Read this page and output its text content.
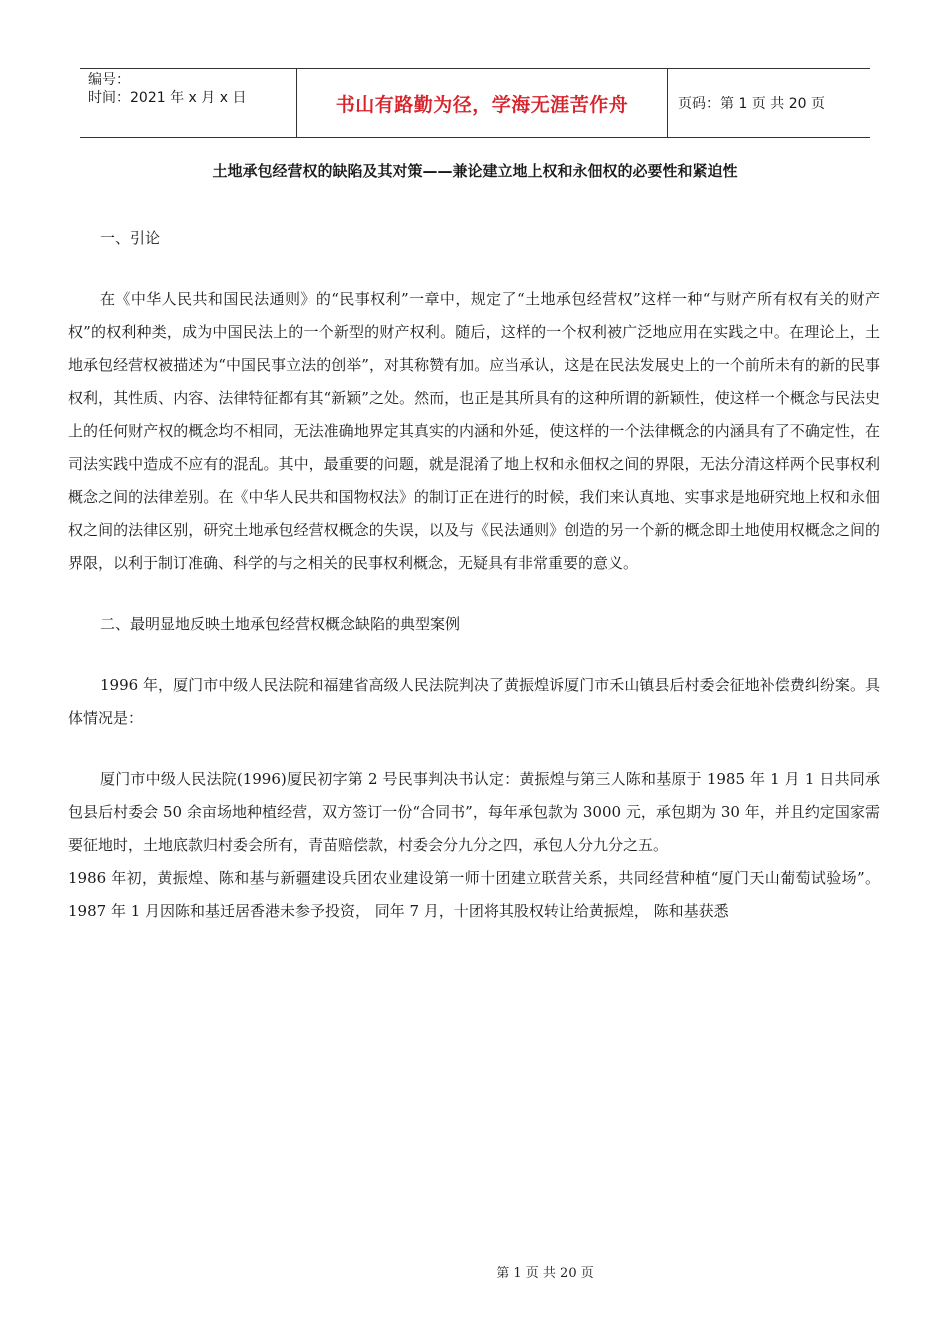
编号：
时间：2021 年 x 月 x 日	书山有路勤为径，学海无涯苦作舟	页码：第 1 页 共 20 页
土地承包经营权的缺陷及其对策——兼论建立地上权和永佃权的必要性和紧迫性

一、引论

在《中华人民共和国民法通则》的“民事权利”一章中，规定了“土地承包经营权”这样一种“与财产所有权有关的财产权”的权利种类，成为中国民法上的一个新型的财产权利。随后，这样的一个权利被广泛地应用在实践之中。在理论上，土地承包经营权被描述为“中国民事立法的创举”，对其称赞有加。应当承认，这是在民法发展史上的一个前所未有的新的民事权利，其性质、内容、法律特征都有其“新颖”之处。然而，也正是其所具有的这种所谓的新颖性，使这样一个概念与民法史上的任何财产权的概念均不相同，无法准确地界定其真实的内涵和外延，使这样的一个法律概念的内涵具有了不确定性，在司法实践中造成不应有的混乱。其中，最重要的问题，就是混淆了地上权和永佃权之间的界限，无法分清这样两个民事权利概念之间的法律差别。在《中华人民共和国物权法》的制订正在进行的时候，我们来认真地、实事求是地研究地上权和永佃权之间的法律区别，研究土地承包经营权概念的失误，以及与《民法通则》创造的另一个新的概念即土地使用权概念之间的界限，以利于制订准确、科学的与之相关的民事权利概念，无疑具有非常重要的意义。

二、最明显地反映土地承包经营权概念缺陷的典型案例

1996 年，厦门市中级人民法院和福建省高级人民法院判决了黄振煌诉厦门市禾山镇县后村委会征地补偿费纠纷案。具体情况是：

厦门市中级人民法院(1996)厦民初字第 2 号民事判决书认定：黄振煌与第三人陈和基原于 1985 年 1 月 1 日共同承包县后村委会 50 余亩场地种植经营，双方签订一份“合同书”，每年承包款为 3000 元，承包期为 30 年，并且约定国家需要征地时，土地底款归村委会所有，青苗赔偿款，村委会分九分之四，承包人分九分之五。

1986 年初，黄振煌、陈和基与新疆建设兵团农业建设第一师十团建立联营关系，共同经营种植“厦门天山葡萄试验场”。1987 年 1 月因陈和基迁居香港未参予投资， 同年 7 月，十团将其股权转让给黄振煌， 陈和基获悉

第 1 页 共 20 页
